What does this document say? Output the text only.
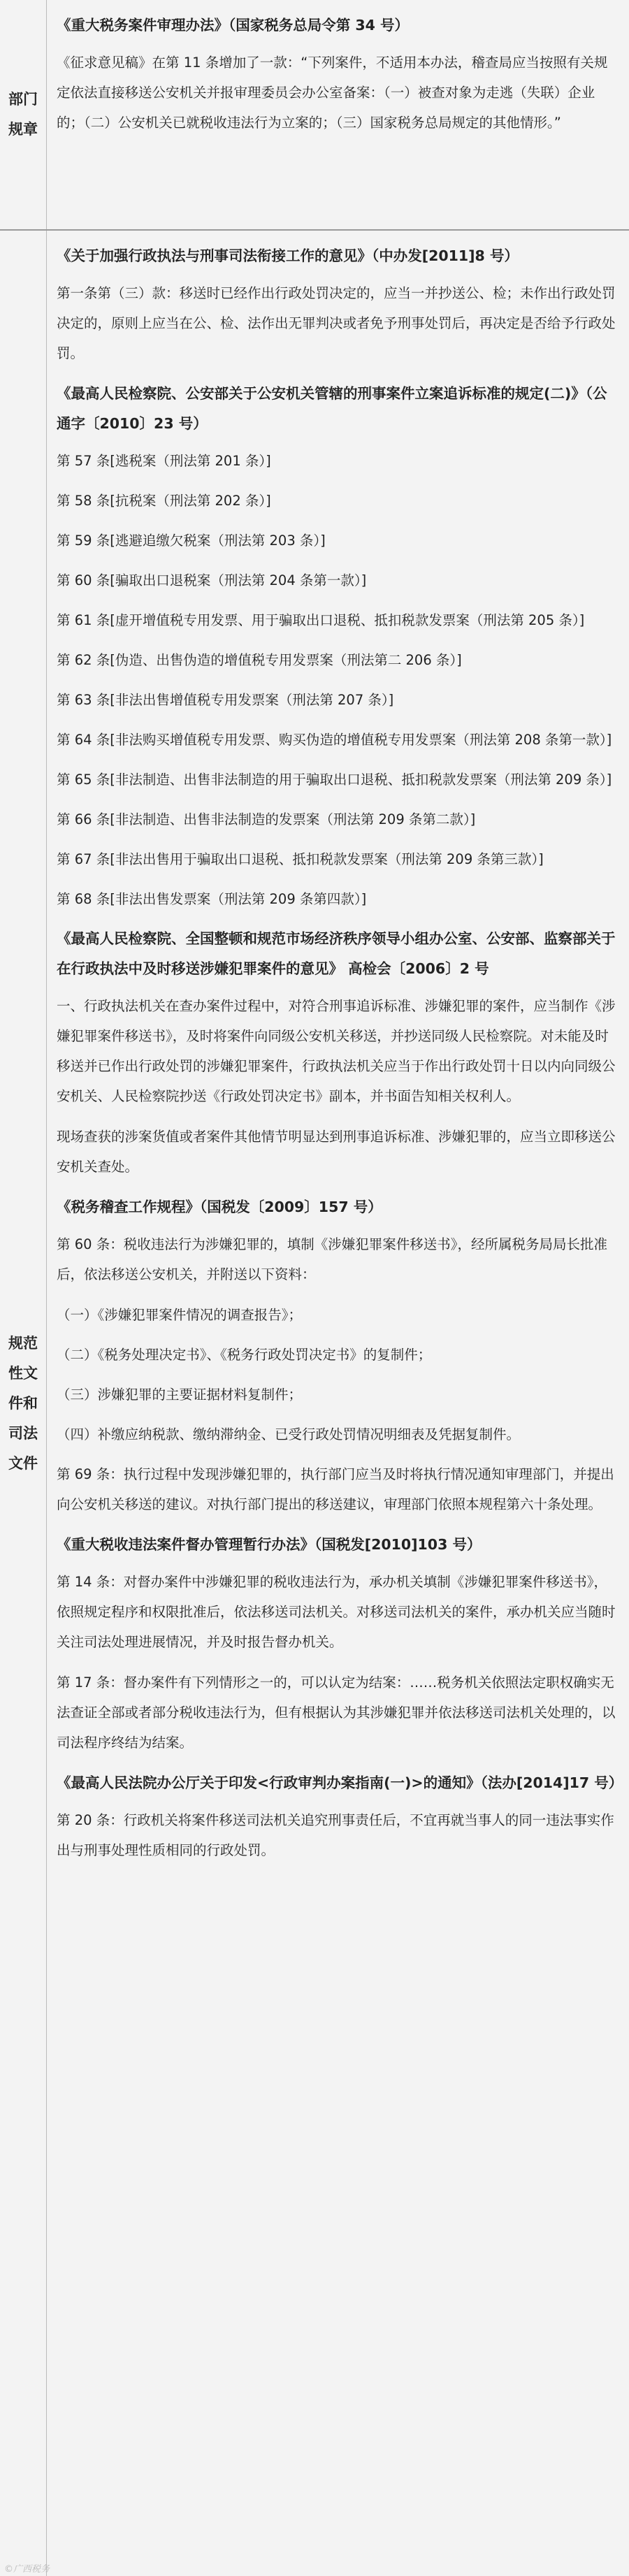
部门规章
《重大税务案件审理办法》（国家税务总局令第 34 号）
《征求意见稿》在第 11 条增加了一款：“下列案件，不适用本办法，稽查局应当按照有关规定依法直接移送公安机关并报审理委员会办公室备案：（一）被查对象为走逃（失联）企业的；（二）公安机关已就税收违法行为立案的；（三）国家税务总局规定的其他情形。”
规范性文件和司法文件
《关于加强行政执法与刑事司法衔接工作的意见》（中办发[2011]8 号）
第一条第（三）款：移送时已经作出行政处罚决定的，应当一并抄送公、检；未作出行政处罚决定的，原则上应当在公、检、法作出无罪判决或者免予刑事处罚后，再决定是否给予行政处罚。
《最高人民检察院、公安部关于公安机关管辖的刑事案件立案追诉标准的规定(二)》（公通字〔2010〕23 号）
第 57 条[逃税案（刑法第 201 条）]
第 58 条[抗税案（刑法第 202 条）]
第 59 条[逃避追缴欠税案（刑法第 203 条）]
第 60 条[骗取出口退税案（刑法第 204 条第一款）]
第 61 条[虚开增值税专用发票、用于骗取出口退税、抵扣税款发票案（刑法第 205 条）]
第 62 条[伪造、出售伪造的增值税专用发票案（刑法第二 206 条）]
第 63 条[非法出售增值税专用发票案（刑法第 207 条）]
第 64 条[非法购买增值税专用发票、购买伪造的增值税专用发票案（刑法第 208 条第一款）]
第 65 条[非法制造、出售非法制造的用于骗取出口退税、抵扣税款发票案（刑法第 209 条）]
第 66 条[非法制造、出售非法制造的发票案（刑法第 209 条第二款）]
第 67 条[非法出售用于骗取出口退税、抵扣税款发票案（刑法第 209 条第三款）]
第 68 条[非法出售发票案（刑法第 209 条第四款）]
《最高人民检察院、全国整顿和规范市场经济秩序领导小组办公室、公安部、监察部关于在行政执法中及时移送涉嫌犯罪案件的意见》 高检会〔2006〕2 号
一、行政执法机关在查办案件过程中，对符合刑事追诉标准、涉嫌犯罪的案件，应当制作《涉嫌犯罪案件移送书》，及时将案件向同级公安机关移送，并抄送同级人民检察院。对未能及时移送并已作出行政处罚的涉嫌犯罪案件，行政执法机关应当于作出行政处罚十日以内向同级公安机关、人民检察院抄送《行政处罚决定书》副本，并书面告知相关权利人。
现场查获的涉案货值或者案件其他情节明显达到刑事追诉标准、涉嫌犯罪的，应当立即移送公安机关查处。
《税务稽查工作规程》（国税发〔2009〕157 号）
第 60 条：税收违法行为涉嫌犯罪的，填制《涉嫌犯罪案件移送书》，经所属税务局局长批准后，依法移送公安机关，并附送以下资料：
（一）《涉嫌犯罪案件情况的调查报告》；
（二）《税务处理决定书》、《税务行政处罚决定书》的复制件；
（三）涉嫌犯罪的主要证据材料复制件；
（四）补缴应纳税款、缴纳滞纳金、已受行政处罚情况明细表及凭据复制件。
第 69 条：执行过程中发现涉嫌犯罪的，执行部门应当及时将执行情况通知审理部门，并提出向公安机关移送的建议。对执行部门提出的移送建议，审理部门依照本规程第六十条处理。
《重大税收违法案件督办管理暂行办法》（国税发[2010]103 号）
第 14 条：对督办案件中涉嫌犯罪的税收违法行为，承办机关填制《涉嫌犯罪案件移送书》，依照规定程序和权限批准后，依法移送司法机关。对移送司法机关的案件，承办机关应当随时关注司法处理进展情况，并及时报告督办机关。
第 17 条：督办案件有下列情形之一的，可以认定为结案：……税务机关依照法定职权确实无法查证全部或者部分税收违法行为，但有根据认为其涉嫌犯罪并依法移送司法机关处理的，以司法程序终结为结案。
《最高人民法院办公厅关于印发<行政审判办案指南(一)>的通知》（法办[2014]17 号）
第 20 条：行政机关将案件移送司法机关追究刑事责任后，不宜再就当事人的同一违法事实作出与刑事处理性质相同的行政处罚。
©广西税务
